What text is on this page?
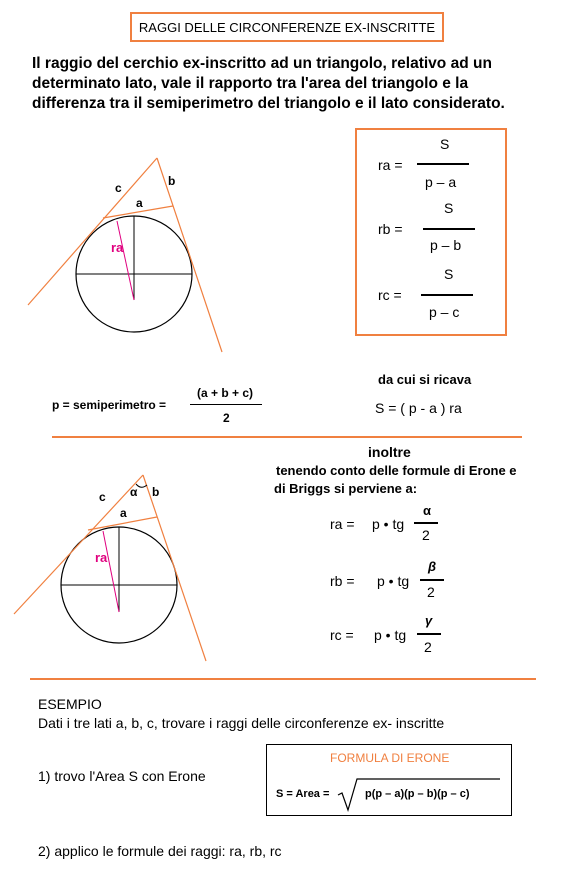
RAGGI DELLE CIRCONFERENZE EX-INSCRITTE
Il raggio del cerchio ex-inscritto ad un triangolo, relativo ad un
determinato lato, vale il rapporto tra l'area del triangolo e la
differenza tra il semiperimetro del triangolo e il lato considerato.
c	b
a
ra
ra =
S
p – a
rb =
S
p – b
rc =
S
p – c
p = semiperimetro =
(a + b + c)
2
da cui si ricava
S = ( p - a ) ra
inoltre
tenendo conto delle formule di Erone e
di Briggs si perviene a:
c	b
α
a
ra
ra = p • tg
α
2
rb = p • tg
β
2
rc = p • tg
γ
2
ESEMPIO
Dati i tre lati a, b, c, trovare i raggi delle circonferenze ex- inscritte
1) trovo l'Area S con Erone
FORMULA DI ERONE
S = Area =	p(p – a)(p – b)(p – c)
2) applico le formule dei raggi: ra, rb, rc
